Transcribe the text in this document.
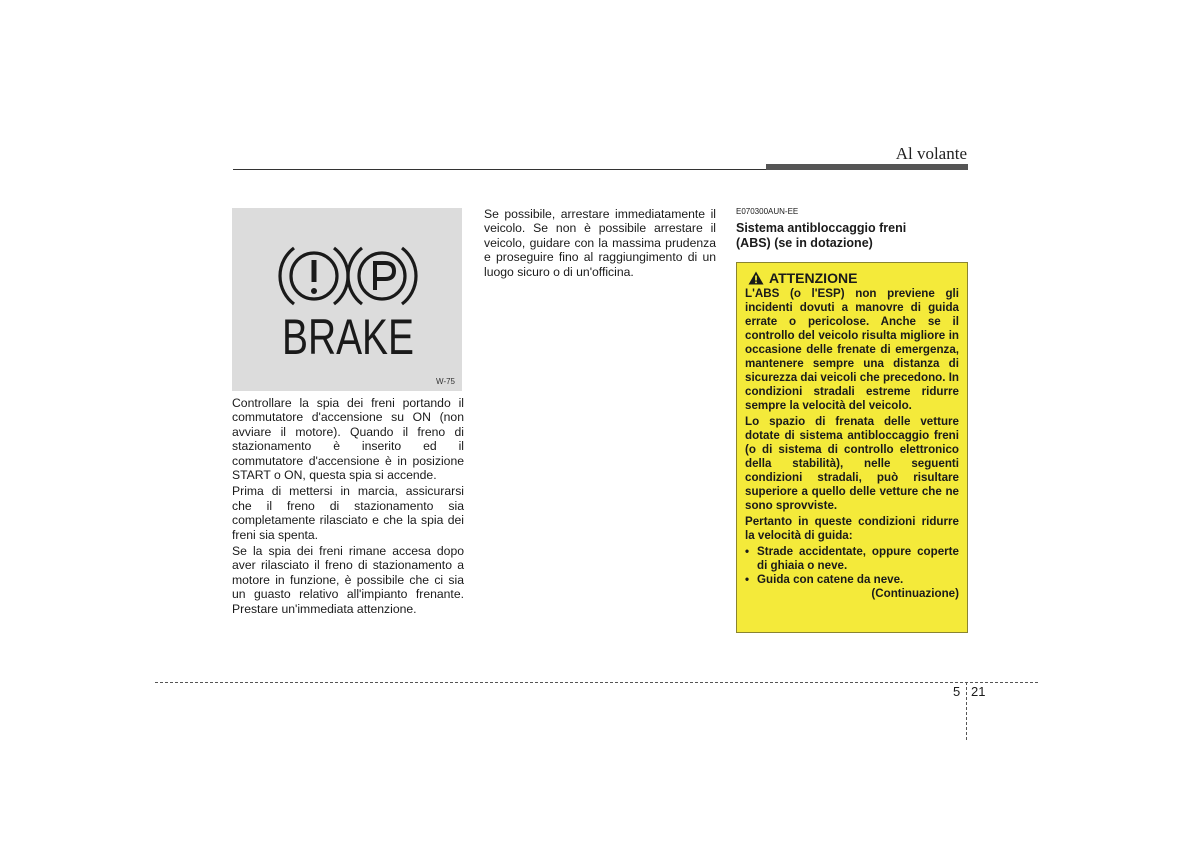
Al volante
BRAKE
W-75

Controllare la spia dei freni portando il commutatore d'accensione su ON (non avviare il motore). Quando il freno di stazionamento è inserito ed il commutatore d'accensione è in posizione START o ON, questa spia si accende.

Prima di mettersi in marcia, assicurarsi che il freno di stazionamento sia completamente rilasciato e che la spia dei freni sia spenta.

Se la spia dei freni rimane accesa dopo aver rilasciato il freno di stazionamento a motore in funzione, è possibile che ci sia un guasto relativo all'impianto frenante. Prestare un'immediata attenzione.

Se possibile, arrestare immediatamente il veicolo. Se non è possibile arrestare il veicolo, guidare con la massima prudenza e proseguire fino al raggiungimento di un luogo sicuro o di un'officina.

E070300AUN-EE
Sistema antibloccaggio freni
(ABS) (se in dotazione)
ATTENZIONE

L'ABS (o l'ESP) non previene gli incidenti dovuti a manovre di guida errate o pericolose. Anche se il controllo del veicolo risulta migliore in occasione delle frenate di emergenza, mantenere sempre una distanza di sicurezza dai veicoli che precedono. In condizioni stradali estreme ridurre sempre la velocità del veicolo.

Lo spazio di frenata delle vetture dotate di sistema antibloccaggio freni (o di sistema di controllo elettronico della stabilità), nelle seguenti condizioni stradali, può risultare superiore a quello delle vetture che ne sono sprovviste.

Pertanto in queste condizioni ridurre la velocità di guida:

• Strade accidentate, oppure coperte di ghiaia o neve.
• Guida con catene da neve.
(Continuazione)
5 21
